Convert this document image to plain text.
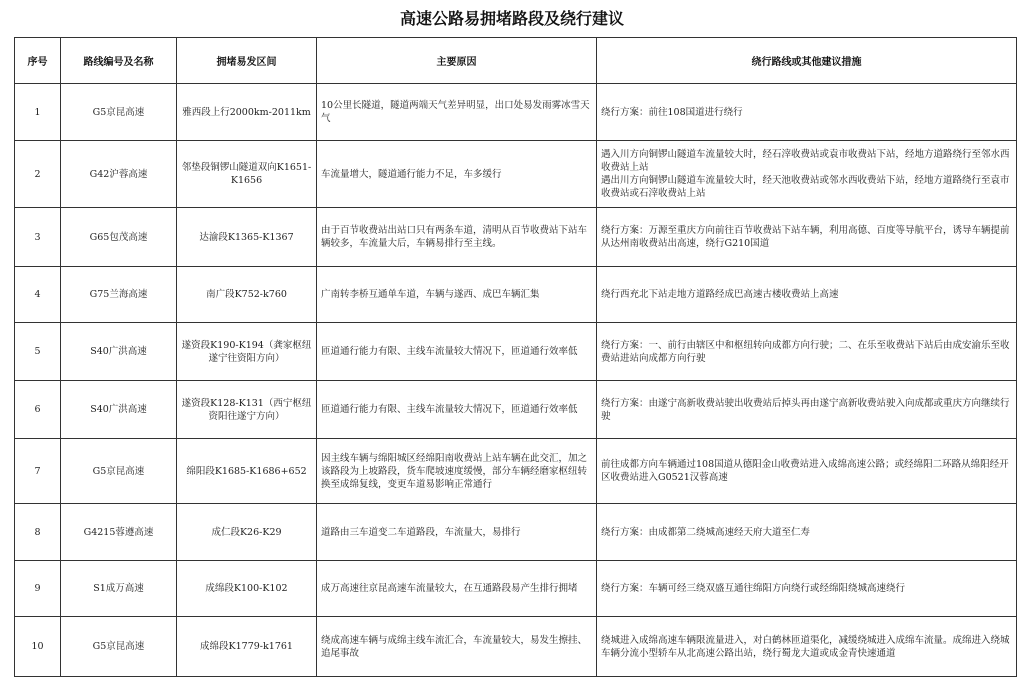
高速公路易拥堵路段及绕行建议
序号	路线编号及名称	拥堵易发区间	主要原因	绕行路线或其他建议措施
1	G5京昆高速	雅西段上行2000km-2011km	10公里长隧道，隧道两端天气差异明显，出口处易发雨雾冰雪天气	绕行方案：前往108国道进行绕行
2	G42沪蓉高速	邻垫段铜锣山隧道双向K1651-K1656	车流量增大，隧道通行能力不足，车多缓行	遇入川方向铜锣山隧道车流量较大时，经石滓收费站或袁市收费站下站，经地方道路绕行至邻水西收费站上站
遇出川方向铜锣山隧道车流量较大时，经天池收费站或邻水西收费站下站，经地方道路绕行至袁市收费站或石滓收费站上站
3	G65包茂高速	达渝段K1365-K1367	由于百节收费站出站口只有两条车道，清明从百节收费站下站车辆较多，车流量大后，车辆易排行至主线。	绕行方案：万源至重庆方向前往百节收费站下站车辆，利用高德、百度等导航平台，诱导车辆提前从达州南收费站出高速，绕行G210国道
4	G75兰海高速	南广段K752-k760	广南转李桥互通单车道，车辆与遂西、成巴车辆汇集	绕行西充北下站走地方道路经成巴高速古楼收费站上高速
5	S40广洪高速	遂资段K190-K194（龚家枢纽遂宁往资阳方向）	匝道通行能力有限、主线车流量较大情况下，匝道通行效率低	绕行方案：一、前行由辖区中和枢纽转向成都方向行驶；二、在乐至收费站下站后由成安渝乐至收费站进站向成都方向行驶
6	S40广洪高速	遂资段K128-K131（西宁枢纽资阳往遂宁方向）	匝道通行能力有限、主线车流量较大情况下，匝道通行效率低	绕行方案：由遂宁高新收费站驶出收费站后掉头再由遂宁高新收费站驶入向成都或重庆方向继续行驶
7	G5京昆高速	绵阳段K1685-K1686+652	因主线车辆与绵阳城区经绵阳南收费站上站车辆在此交汇，加之该路段为上坡路段，货车爬坡速度缓慢，部分车辆经磨家枢纽转换至成绵复线，变更车道易影响正常通行	前往成都方向车辆通过108国道从德阳金山收费站进入成绵高速公路；或经绵阳二环路从绵阳经开区收费站进入G0521汉蓉高速
8	G4215蓉遵高速	成仁段K26-K29	道路由三车道变二车道路段，车流量大，易排行	绕行方案：由成都第二绕城高速经天府大道至仁寿
9	S1成万高速	成绵段K100-K102	成万高速往京昆高速车流量较大，在互通路段易产生排行拥堵	绕行方案：车辆可经三绕双盛互通往绵阳方向绕行或经绵阳绕城高速绕行
10	G5京昆高速	成绵段K1779-k1761	绕成高速车辆与成绵主线车流汇合，车流量较大，易发生擦挂、追尾事故	绕城进入成绵高速车辆限流量进入，对白鹤林匝道渠化，减缓绕城进入成绵车流量。成绵进入绕城车辆分流小型轿车从北高速公路出站，绕行蜀龙大道或成金青快速通道
